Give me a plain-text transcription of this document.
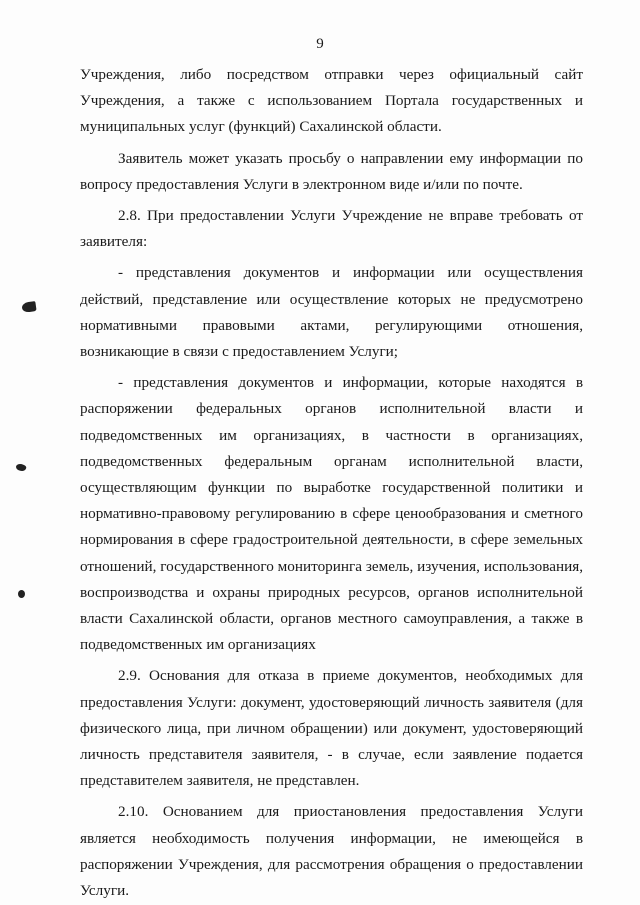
9

Учреждения, либо посредством отправки через официальный сайт Учреждения, а также с использованием Портала государственных и муниципальных услуг (функций) Сахалинской области.

Заявитель может указать просьбу о направлении ему информации по вопросу предоставления Услуги в электронном виде и/или по почте.

2.8. При предоставлении Услуги Учреждение не вправе требовать от заявителя:

- представления документов и информации или осуществления действий, представление или осуществление которых не предусмотрено нормативными правовыми актами, регулирующими отношения, возникающие в связи с предоставлением Услуги;

- представления документов и информации, которые находятся в распоряжении федеральных органов исполнительной власти и подведомственных им организациях, в частности в организациях, подведомственных федеральным органам исполнительной власти, осуществляющим функции по выработке государственной политики и нормативно-правовому регулированию в сфере ценообразования и сметного нормирования в сфере градостроительной деятельности, в сфере земельных отношений, государственного мониторинга земель, изучения, использования, воспроизводства и охраны природных ресурсов, органов исполнительной власти Сахалинской области, органов местного самоуправления, а также в подведомственных им организациях

2.9. Основания для отказа в приеме документов, необходимых для предоставления Услуги: документ, удостоверяющий личность заявителя (для физического лица, при личном обращении) или документ, удостоверяющий личность представителя заявителя, - в случае, если заявление подается представителем заявителя, не представлен.

2.10. Основанием для приостановления предоставления Услуги является необходимость получения информации, не имеющейся в распоряжении Учреждения, для рассмотрения обращения о предоставлении Услуги.
